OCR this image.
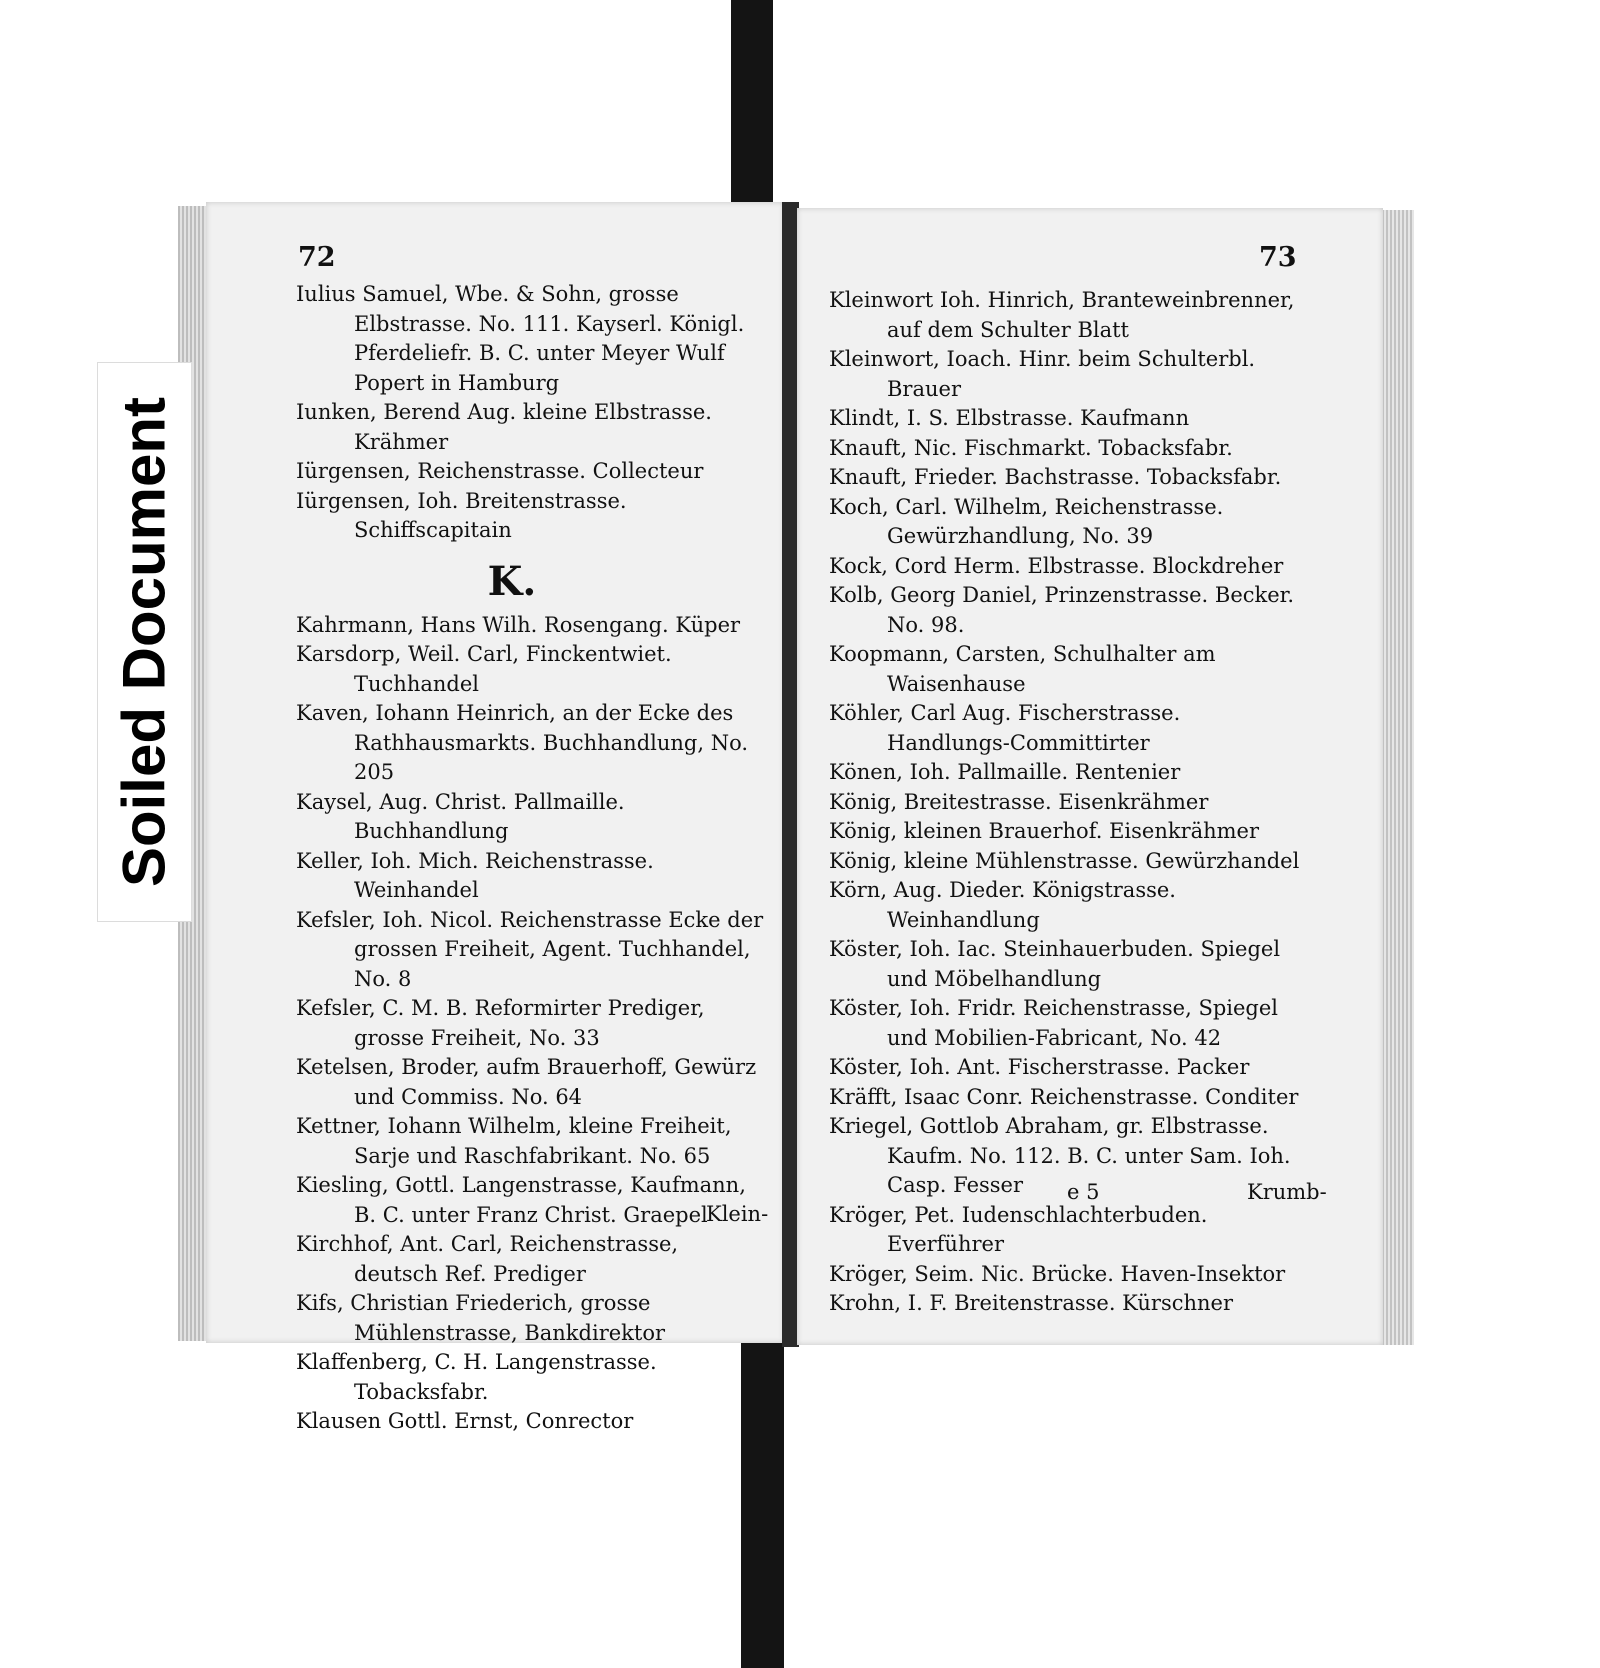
72
Iulius Samuel, Wbe. & Sohn, grosse Elbstrasse. No. 111. Kayserl. Königl. Pferdeliefr. B. C. unter Meyer Wulf Popert in Hamburg
Iunken, Berend Aug. kleine Elbstrasse. Krähmer
Iürgensen, Reichenstrasse. Collecteur
Iürgensen, Ioh. Breitenstrasse. Schiffscapitain
K.
Kahrmann, Hans Wilh. Rosengang. Küper
Karsdorp, Weil. Carl, Finckentwiet. Tuchhandel
Kaven, Iohann Heinrich, an der Ecke des Rathhausmarkts. Buchhandlung, No. 205
Kaysel, Aug. Christ. Pallmaille. Buchhandlung
Keller, Ioh. Mich. Reichenstrasse. Weinhandel
Kefsler, Ioh. Nicol. Reichenstrasse Ecke der grossen Freiheit, Agent. Tuchhandel, No. 8
Kefsler, C. M. B. Reformirter Prediger, grosse Freiheit, No. 33
Ketelsen, Broder, aufm Brauerhoff, Gewürz und Commiss. No. 64
Kettner, Iohann Wilhelm, kleine Freiheit, Sarje und Raschfabrikant. No. 65
Kiesling, Gottl. Langenstrasse, Kaufmann, B. C. unter Franz Christ. Graepel
Kirchhof, Ant. Carl, Reichenstrasse, deutsch Ref. Prediger
Kifs, Christian Friederich, grosse Mühlenstrasse, Bankdirektor
Klaffenberg, C. H. Langenstrasse. Tobacksfabr.
Klausen Gottl. Ernst, Conrector
Klein-
73
Kleinwort Ioh. Hinrich, Branteweinbrenner, auf dem Schulter Blatt
Kleinwort, Ioach. Hinr. beim Schulterbl. Brauer
Klindt, I. S. Elbstrasse. Kaufmann
Knauft, Nic. Fischmarkt. Tobacksfabr.
Knauft, Frieder. Bachstrasse. Tobacksfabr.
Koch, Carl. Wilhelm, Reichenstrasse. Gewürzhandlung, No. 39
Kock, Cord Herm. Elbstrasse. Blockdreher
Kolb, Georg Daniel, Prinzenstrasse. Becker. No. 98.
Koopmann, Carsten, Schulhalter am Waisenhause
Köhler, Carl Aug. Fischerstrasse. Handlungs-Committirter
Könen, Ioh. Pallmaille. Rentenier
König, Breitestrasse. Eisenkrähmer
König, kleinen Brauerhof. Eisenkrähmer
König, kleine Mühlenstrasse. Gewürzhandel
Körn, Aug. Dieder. Königstrasse. Weinhandlung
Köster, Ioh. Iac. Steinhauerbuden. Spiegel und Möbelhandlung
Köster, Ioh. Fridr. Reichenstrasse, Spiegel und Mobilien-Fabricant, No. 42
Köster, Ioh. Ant. Fischerstrasse. Packer
Kräfft, Isaac Conr. Reichenstrasse. Conditer
Kriegel, Gottlob Abraham, gr. Elbstrasse. Kaufm. No. 112. B. C. unter Sam. Ioh. Casp. Fesser
Kröger, Pet. Iudenschlachterbuden. Everführer
Kröger, Seim. Nic. Brücke. Haven-Insektor
Krohn, I. F. Breitenstrasse. Kürschner
e 5	Krumb-
Soiled Document
